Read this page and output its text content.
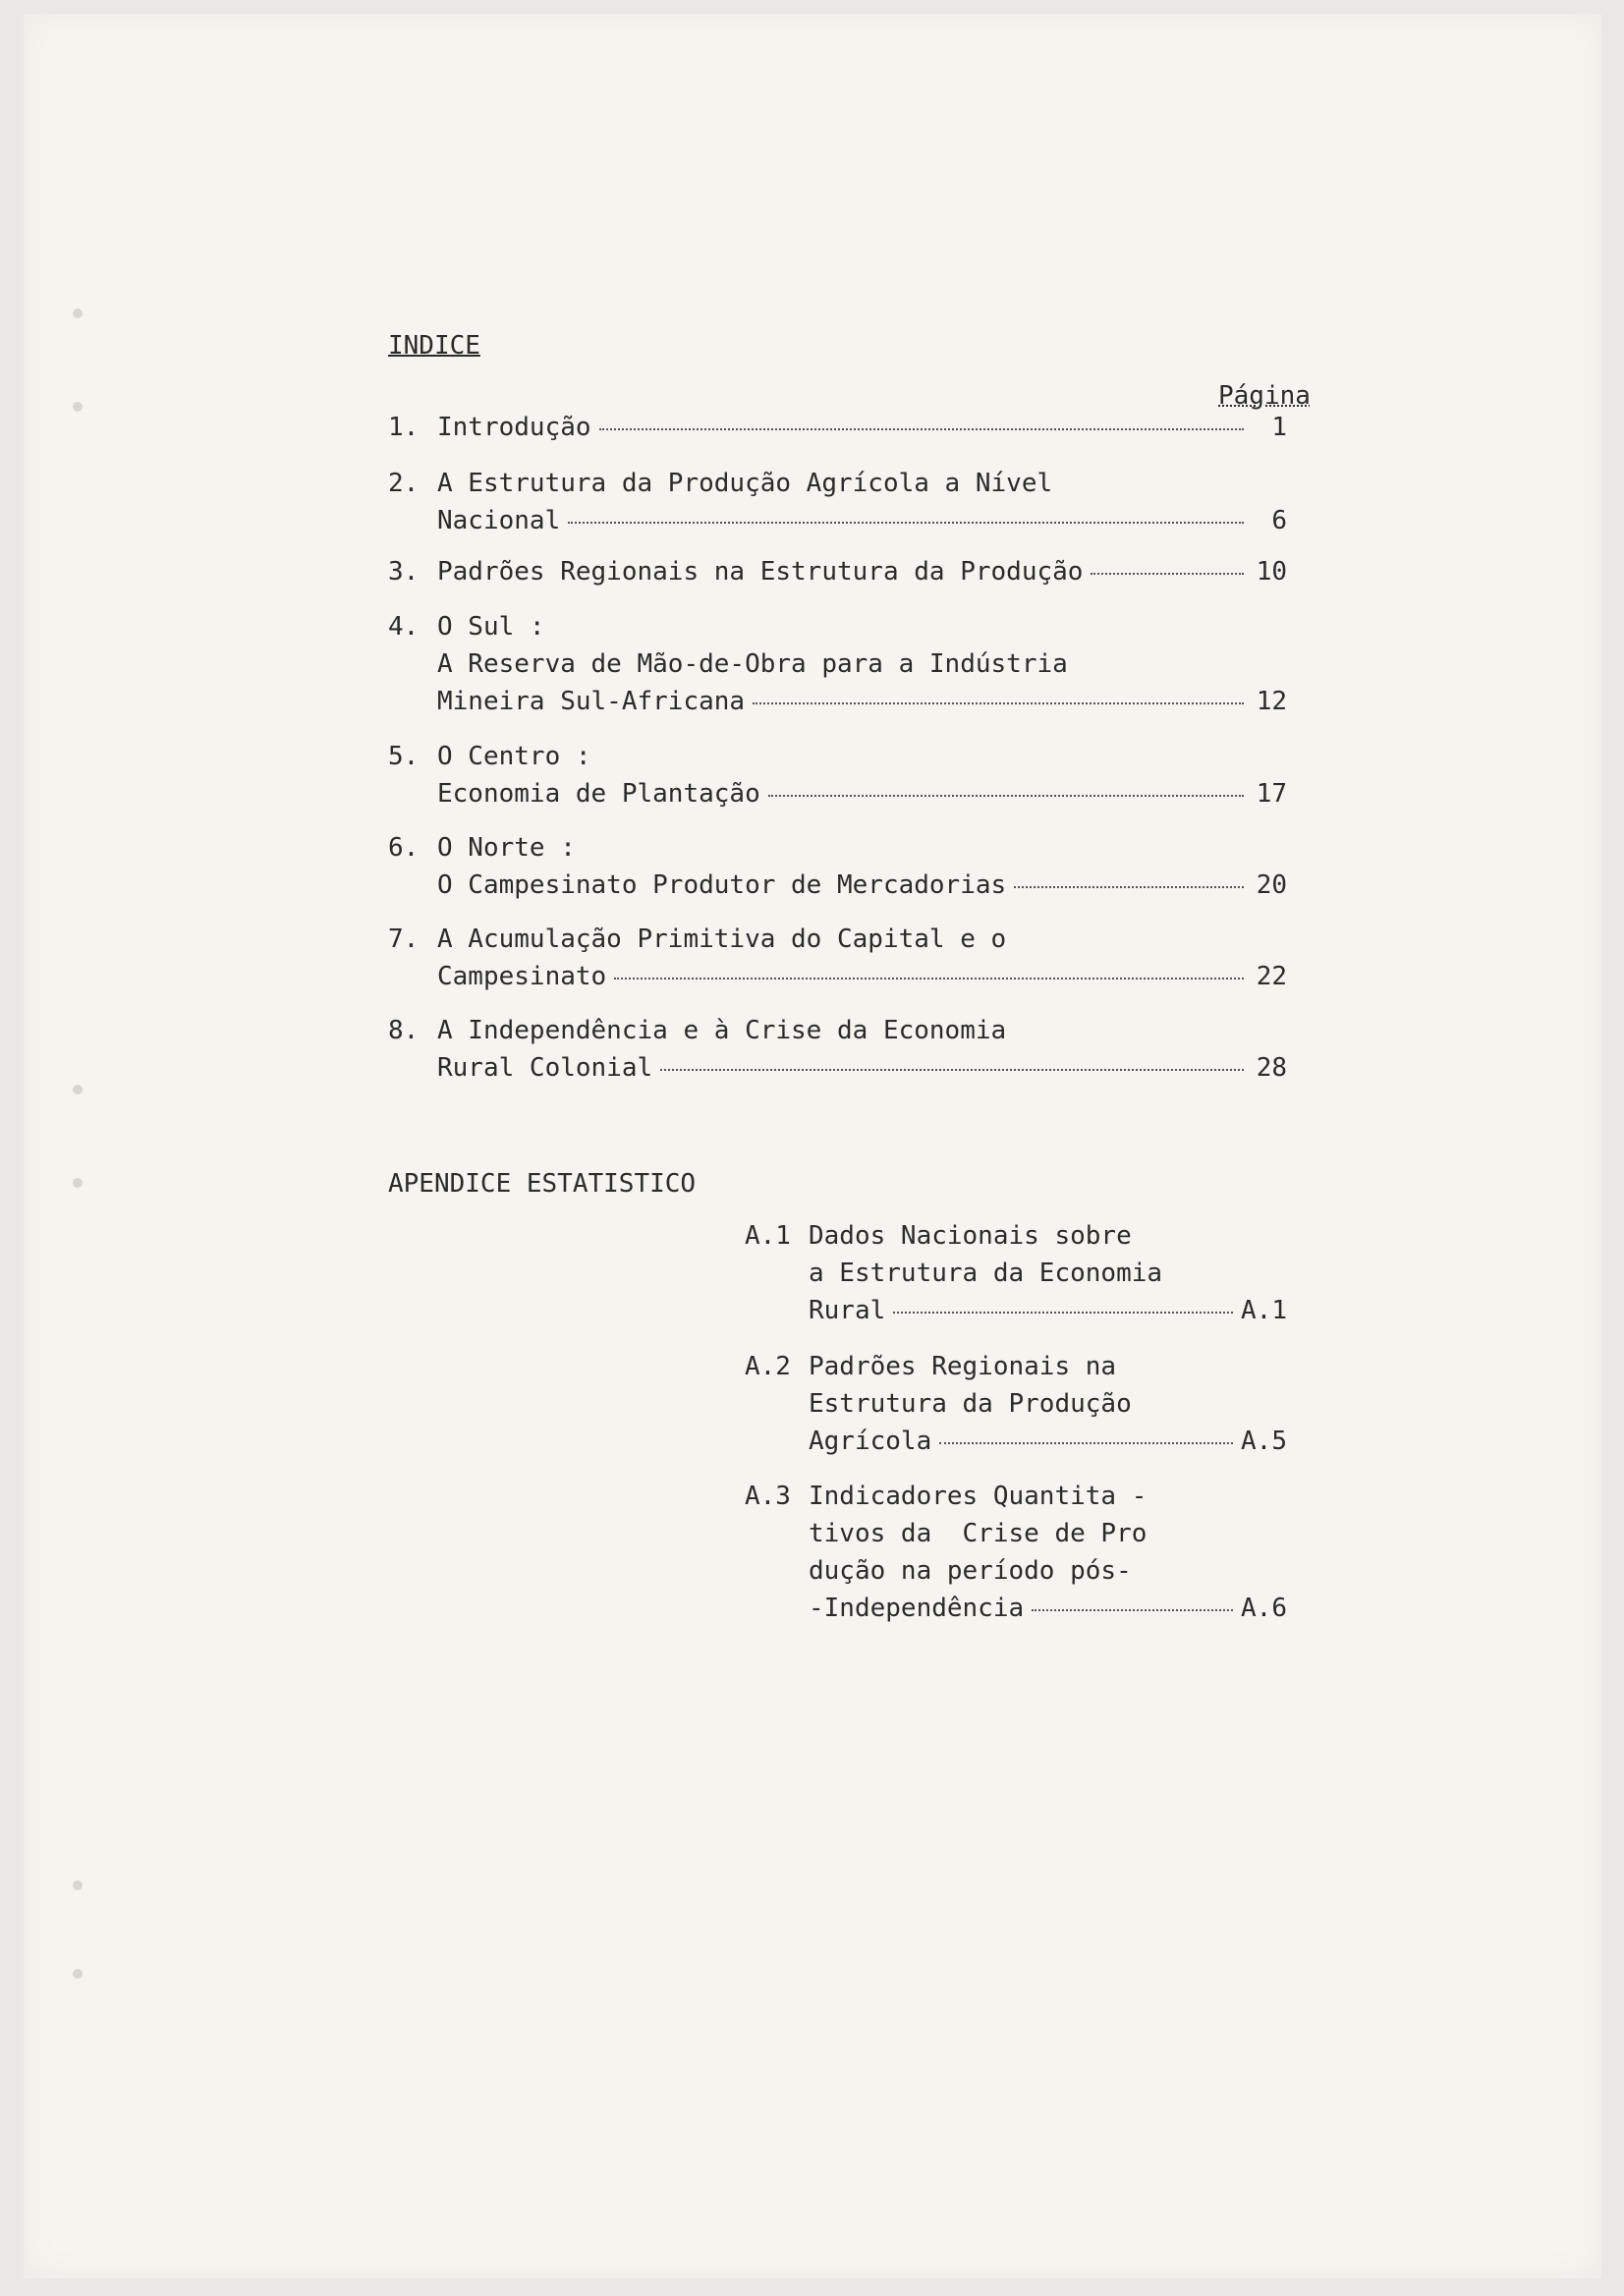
INDICE
Página
1. Introdução	1
2. A Estrutura da Produção Agrícola a Nível
Nacional	6
3. Padrões Regionais na Estrutura da Produção	10
4. O Sul :
A Reserva de Mão-de-Obra para a Indústria
Mineira Sul-Africana	12
5. O Centro :
Economia de Plantação	17
6. O Norte :
O Campesinato Produtor de Mercadorias	20
7. A Acumulação Primitiva do Capital e o
Campesinato	22
8. A Independência e à Crise da Economia
Rural Colonial	28
APENDICE ESTATISTICO
A.1 Dados Nacionais sobre
a Estrutura da Economia
Rural	A.1
A.2 Padrões Regionais na
Estrutura da Produção
Agrícola	A.5
A.3 Indicadores Quantita -
tivos da  Crise de Pro
dução na período pós-
-Independência	A.6
